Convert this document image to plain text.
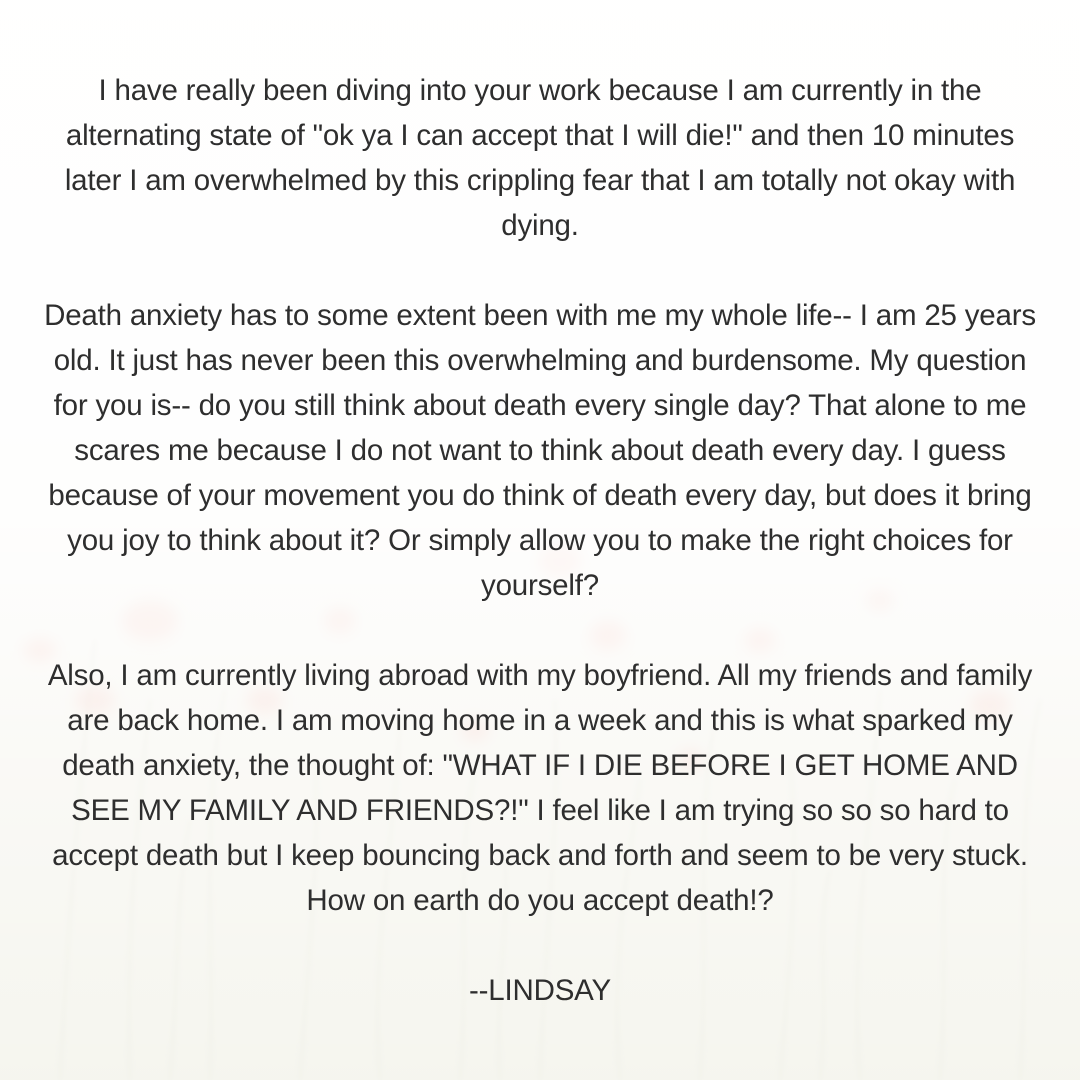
I have really been diving into your work because I am currently in the alternating state of "ok ya I can accept that I will die!" and then 10 minutes later I am overwhelmed by this crippling fear that I am totally not okay with dying.

Death anxiety has to some extent been with me my whole life-- I am 25 years old. It just has never been this overwhelming and burdensome. My question for you is-- do you still think about death every single day? That alone to me scares me because I do not want to think about death every day. I guess because of your movement you do think of death every day, but does it bring you joy to think about it? Or simply allow you to make the right choices for yourself?

Also, I am currently living abroad with my boyfriend. All my friends and family are back home. I am moving home in a week and this is what sparked my death anxiety, the thought of: "WHAT IF I DIE BEFORE I GET HOME AND SEE MY FAMILY AND FRIENDS?!" I feel like I am trying so so so hard to accept death but I keep bouncing back and forth and seem to be very stuck. How on earth do you accept death!?

--LINDSAY
